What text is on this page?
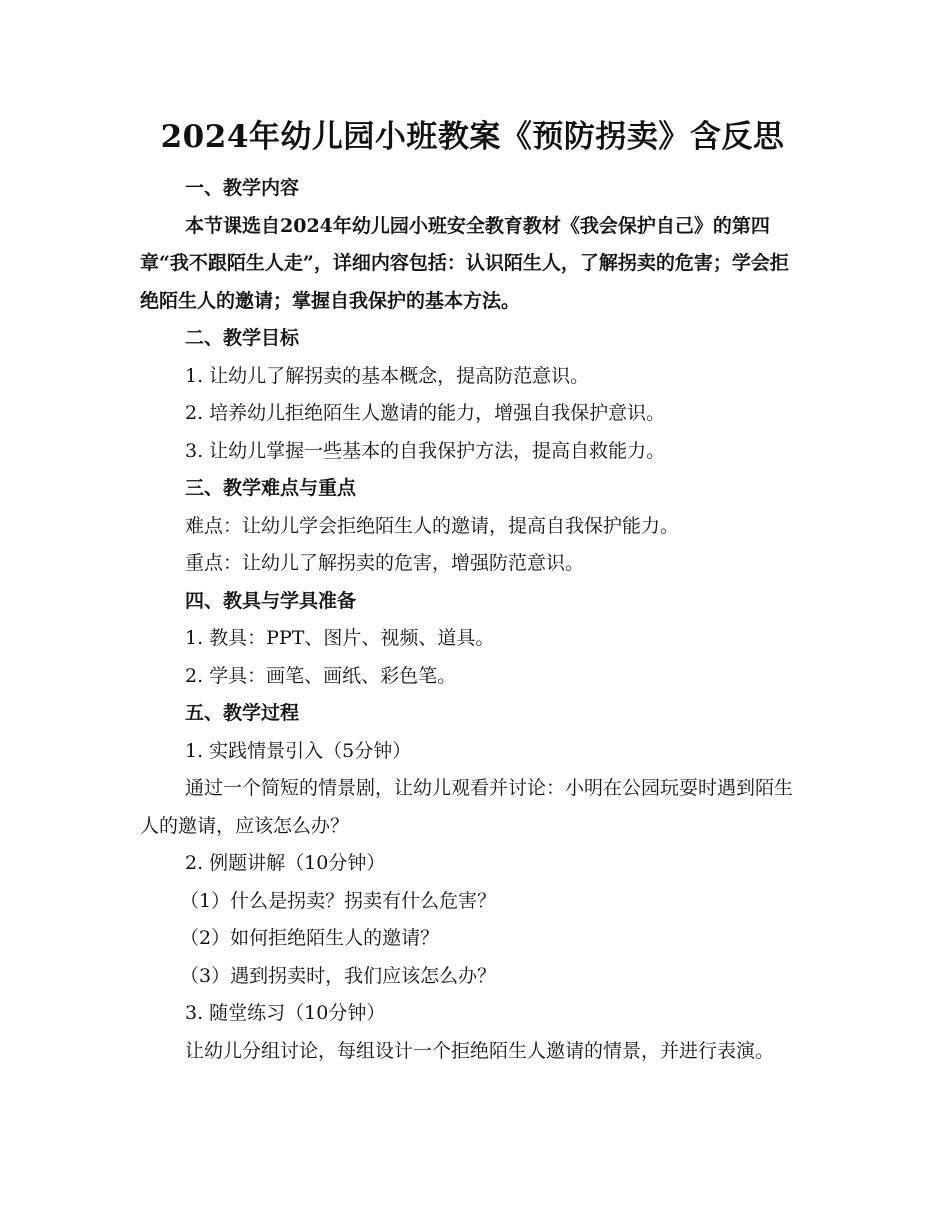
2024年幼儿园小班教案《预防拐卖》含反思

一、教学内容

本节课选自2024年幼儿园小班安全教育教材《我会保护自己》的第四章“我不跟陌生人走”，详细内容包括：认识陌生人，了解拐卖的危害；学会拒绝陌生人的邀请；掌握自我保护的基本方法。

二、教学目标

1. 让幼儿了解拐卖的基本概念，提高防范意识。

2. 培养幼儿拒绝陌生人邀请的能力，增强自我保护意识。

3. 让幼儿掌握一些基本的自我保护方法，提高自救能力。

三、教学难点与重点

难点：让幼儿学会拒绝陌生人的邀请，提高自我保护能力。

重点：让幼儿了解拐卖的危害，增强防范意识。

四、教具与学具准备

1. 教具：PPT、图片、视频、道具。

2. 学具：画笔、画纸、彩色笔。

五、教学过程

1. 实践情景引入（5分钟）

通过一个简短的情景剧，让幼儿观看并讨论：小明在公园玩耍时遇到陌生人的邀请，应该怎么办？

2. 例题讲解（10分钟）

（1）什么是拐卖？拐卖有什么危害？

（2）如何拒绝陌生人的邀请？

（3）遇到拐卖时，我们应该怎么办？

3. 随堂练习（10分钟）

让幼儿分组讨论，每组设计一个拒绝陌生人邀请的情景，并进行表演。
